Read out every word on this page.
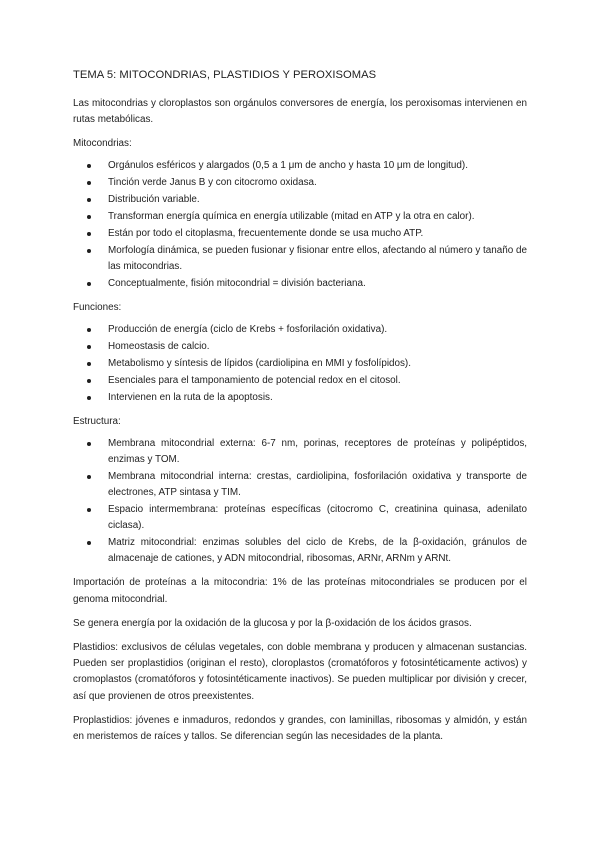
TEMA 5: MITOCONDRIAS, PLASTIDIOS Y PEROXISOMAS

Las mitocondrias y cloroplastos son orgánulos conversores de energía, los peroxisomas intervienen en rutas metabólicas.

Mitocondrias:
Orgánulos esféricos y alargados (0,5 a 1 μm de ancho y hasta 10 μm de longitud).
Tinción verde Janus B y con citocromo oxidasa.
Distribución variable.
Transforman energía química en energía utilizable (mitad en ATP y la otra en calor).
Están por todo el citoplasma, frecuentemente donde se usa mucho ATP.
Morfología dinámica, se pueden fusionar y fisionar entre ellos, afectando al número y tanaño de las mitocondrias.
Conceptualmente, fisión mitocondrial = división bacteriana.
Funciones:
Producción de energía (ciclo de Krebs + fosforilación oxidativa).
Homeostasis de calcio.
Metabolismo y síntesis de lípidos (cardiolipina en MMI y fosfolípidos).
Esenciales para el tamponamiento de potencial redox en el citosol.
Intervienen en la ruta de la apoptosis.
Estructura:
Membrana mitocondrial externa: 6-7 nm, porinas, receptores de proteínas y polipéptidos, enzimas y TOM.
Membrana mitocondrial interna: crestas, cardiolipina, fosforilación oxidativa y transporte de electrones, ATP sintasa y TIM.
Espacio intermembrana: proteínas específicas (citocromo C, creatinina quinasa, adenilato ciclasa).
Matriz mitocondrial: enzimas solubles del ciclo de Krebs, de la β-oxidación, gránulos de almacenaje de cationes, y ADN mitocondrial, ribosomas, ARNr, ARNm y ARNt.

Importación de proteínas a la mitocondria: 1% de las proteínas mitocondriales se producen por el genoma mitocondrial.

Se genera energía por la oxidación de la glucosa y por la β-oxidación de los ácidos grasos.

Plastidios: exclusivos de células vegetales, con doble membrana y producen y almacenan sustancias. Pueden ser proplastidios (originan el resto), cloroplastos (cromatóforos y fotosintéticamente activos) y cromoplastos (cromatóforos y fotosintéticamente inactivos). Se pueden multiplicar por división y crecer, así que provienen de otros preexistentes.

Proplastidios: jóvenes e inmaduros, redondos y grandes, con laminillas, ribosomas y almidón, y están en meristemos de raíces y tallos. Se diferencian según las necesidades de la planta.
